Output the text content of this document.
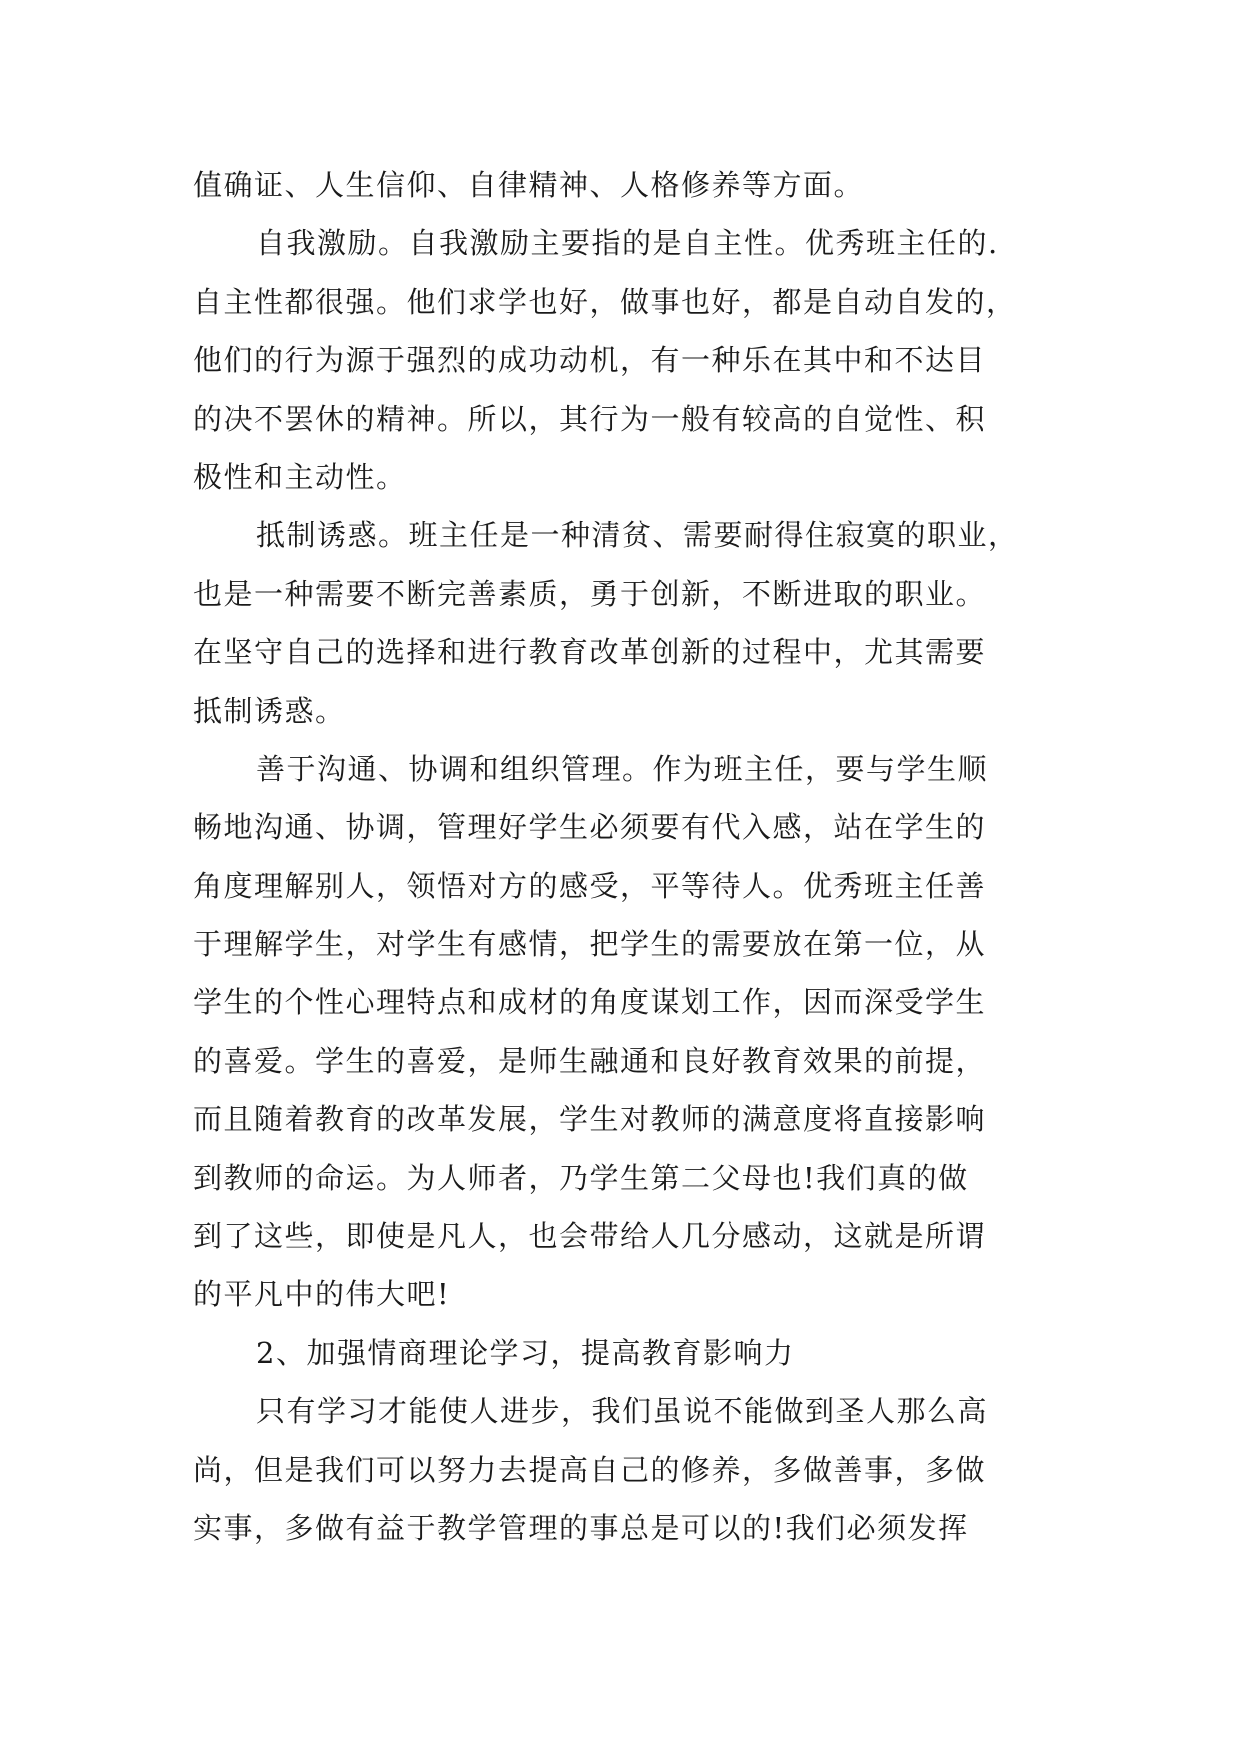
值确证、人生信仰、自律精神、人格修养等方面。
自我激励。自我激励主要指的是自主性。优秀班主任的.
自主性都很强。他们求学也好，做事也好，都是自动自发的，
他们的行为源于强烈的成功动机，有一种乐在其中和不达目
的决不罢休的精神。所以，其行为一般有较高的自觉性、积
极性和主动性。
抵制诱惑。班主任是一种清贫、需要耐得住寂寞的职业，
也是一种需要不断完善素质，勇于创新，不断进取的职业。
在坚守自己的选择和进行教育改革创新的过程中，尤其需要
抵制诱惑。
善于沟通、协调和组织管理。作为班主任，要与学生顺
畅地沟通、协调，管理好学生必须要有代入感，站在学生的
角度理解别人，领悟对方的感受，平等待人。优秀班主任善
于理解学生，对学生有感情，把学生的需要放在第一位，从
学生的个性心理特点和成材的角度谋划工作，因而深受学生
的喜爱。学生的喜爱，是师生融通和良好教育效果的前提，
而且随着教育的改革发展，学生对教师的满意度将直接影响
到教师的命运。为人师者，乃学生第二父母也!我们真的做
到了这些，即使是凡人，也会带给人几分感动，这就是所谓
的平凡中的伟大吧!
2、加强情商理论学习，提高教育影响力
只有学习才能使人进步，我们虽说不能做到圣人那么高
尚，但是我们可以努力去提高自己的修养，多做善事，多做
实事，多做有益于教学管理的事总是可以的!我们必须发挥
